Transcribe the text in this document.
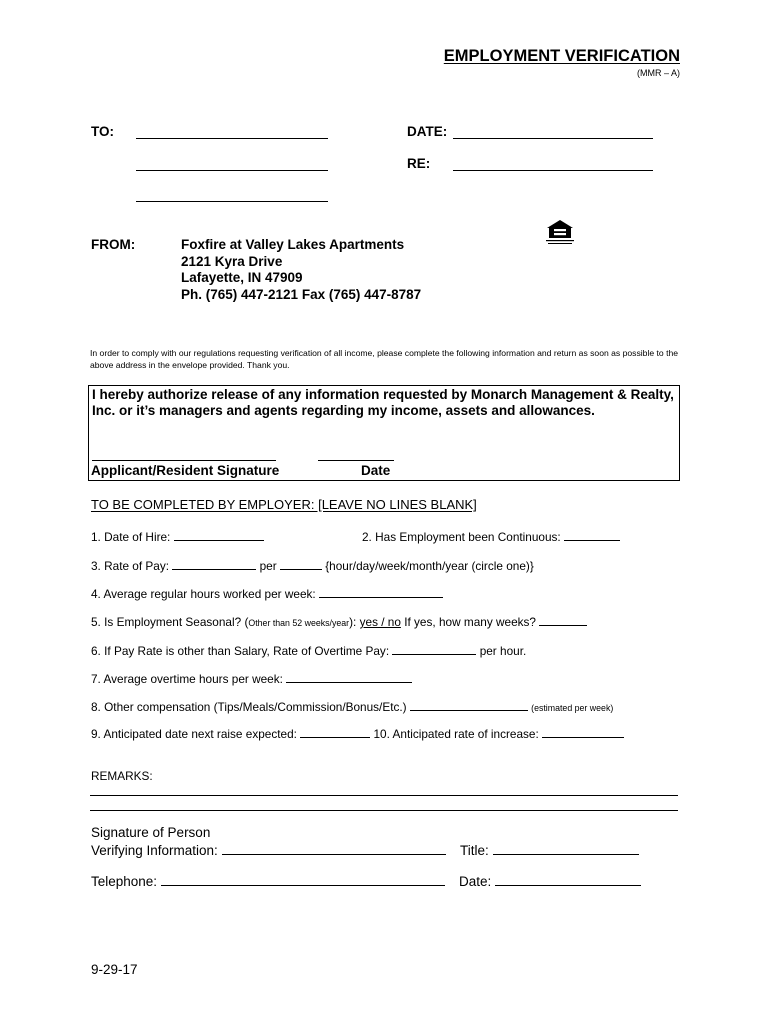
EMPLOYMENT VERIFICATION
(MMR – A)
TO:	DATE:
RE:
FROM:	Foxfire at Valley Lakes Apartments
2121 Kyra Drive
Lafayette, IN 47909
Ph. (765) 447-2121 Fax (765) 447-8787
In order to comply with our regulations requesting verification of all income, please complete the following information and return as soon as possible to the above address in the envelope provided. Thank you.
I hereby authorize release of any information requested by Monarch Management & Realty, Inc. or it’s managers and agents regarding my income, assets and allowances.
Applicant/Resident Signature	Date
TO BE COMPLETED BY EMPLOYER: [LEAVE NO LINES BLANK]
1. Date of Hire:	2. Has Employment been Continuous:
3. Rate of Pay:	per	{hour/day/week/month/year (circle one)}
4. Average regular hours worked per week:
5. Is Employment Seasonal? (Other than 52 weeks/year): yes / no If yes, how many weeks?
6. If Pay Rate is other than Salary, Rate of Overtime Pay:	per hour.
7. Average overtime hours per week:
8. Other compensation (Tips/Meals/Commission/Bonus/Etc.)	(estimated per week)
9. Anticipated date next raise expected:	10. Anticipated rate of increase:
REMARKS:
Signature of Person
Verifying Information:	Title:
Telephone:	Date:
9-29-17
